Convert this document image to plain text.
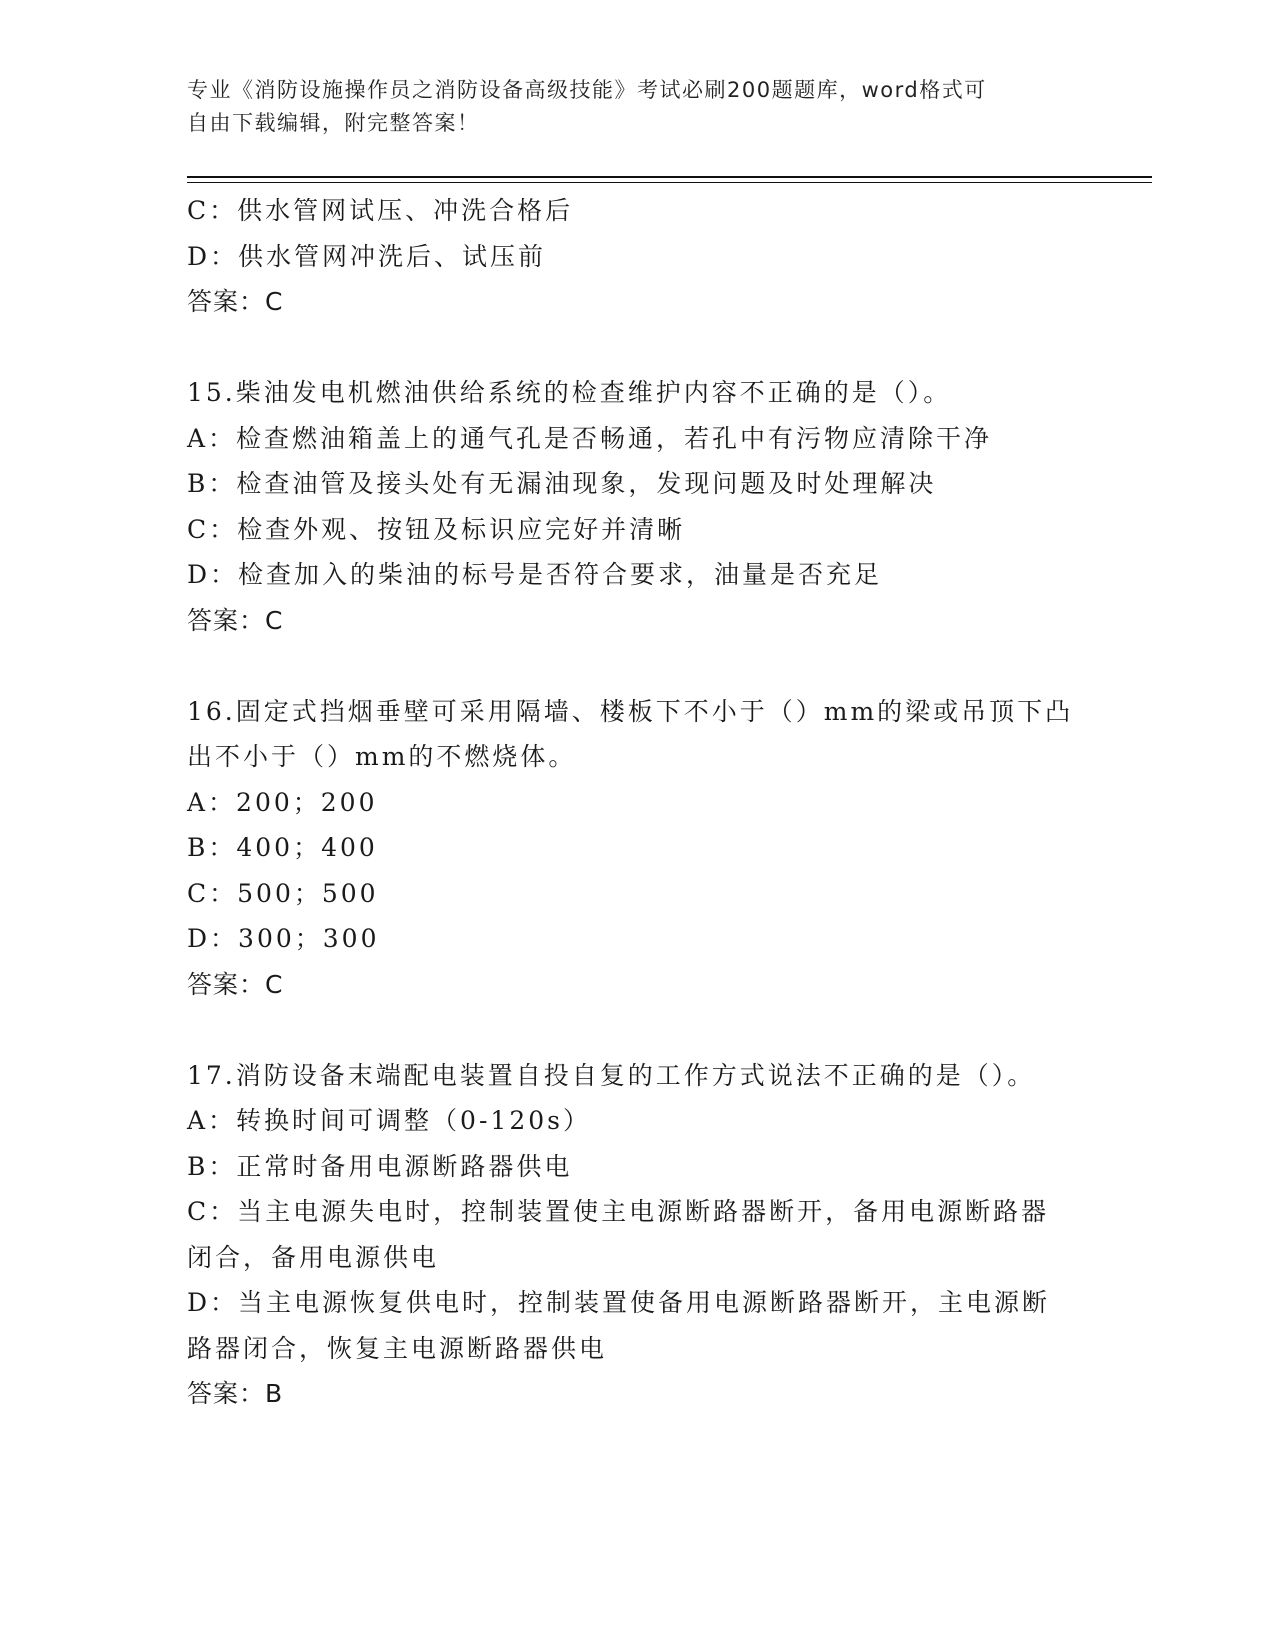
专业《消防设施操作员之消防设备高级技能》考试必刷200题题库，word格式可
自由下载编辑，附完整答案！
C：供水管网试压、冲洗合格后
D：供水管网冲洗后、试压前
答案：C
15.柴油发电机燃油供给系统的检查维护内容不正确的是（）。
A：检查燃油箱盖上的通气孔是否畅通，若孔中有污物应清除干净
B：检查油管及接头处有无漏油现象，发现问题及时处理解决
C：检查外观、按钮及标识应完好并清晰
D：检查加入的柴油的标号是否符合要求，油量是否充足
答案：C
16.固定式挡烟垂壁可采用隔墙、楼板下不小于（）mm的梁或吊顶下凸
出不小于（）mm的不燃烧体。
A：200；200
B：400；400
C：500；500
D：300；300
答案：C
17.消防设备末端配电装置自投自复的工作方式说法不正确的是（）。
A：转换时间可调整（0-120s）
B：正常时备用电源断路器供电
C：当主电源失电时，控制装置使主电源断路器断开，备用电源断路器
闭合，备用电源供电
D：当主电源恢复供电时，控制装置使备用电源断路器断开，主电源断
路器闭合，恢复主电源断路器供电
答案：B
